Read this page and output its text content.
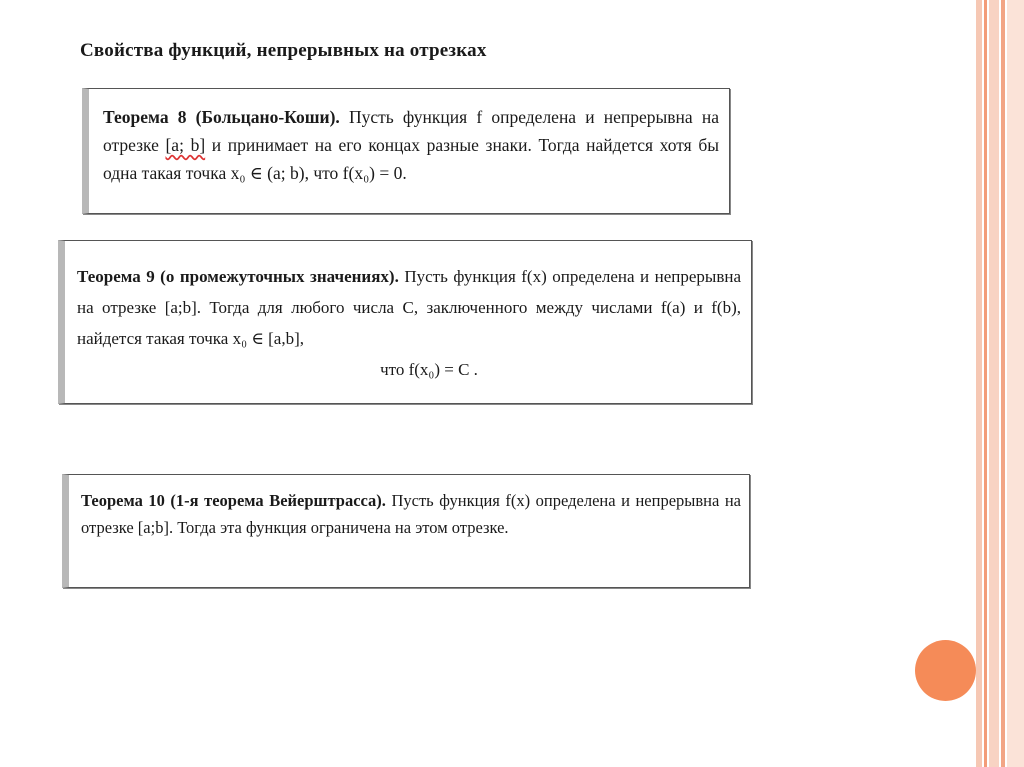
Свойства функций, непрерывных на отрезках

Теорема 8 (Больцано-Коши). Пусть функция f определена и непрерывна на отрезке [a; b] и принимает на его концах разные знаки. Тогда найдется хотя бы одна такая точка x₀ ∈ (a; b), что f(x₀) = 0.

Теорема 9 (о промежуточных значениях). Пусть функция f(x) определена и непрерывна на отрезке [a;b]. Тогда для любого числа С, заключенного между числами f(a) и f(b), найдется такая точка x₀ ∈ [a,b],

что f(x₀) = C .

Теорема 10 (1-я теорема Вейерштрасса). Пусть функция f(x) определена и непрерывна на отрезке [a;b]. Тогда эта функция ограничена на этом отрезке.
